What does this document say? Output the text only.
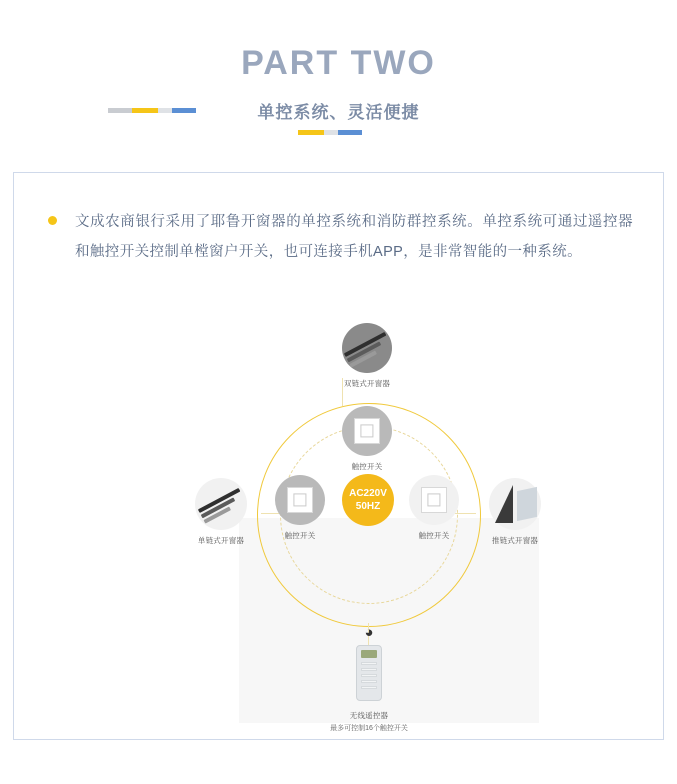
PART TWO
单控系统、灵活便捷
文成农商银行采用了耶鲁开窗器的单控系统和消防群控系统。单控系统可通过遥控器和触控开关控制单樘窗户开关，也可连接手机APP，是非常智能的一种系统。
双链式开窗器
触控开关
触控开关	触控开关
AC220V
50HZ
单链式开窗器	推链式开窗器
◕
无线遥控器
最多可控制16个触控开关
